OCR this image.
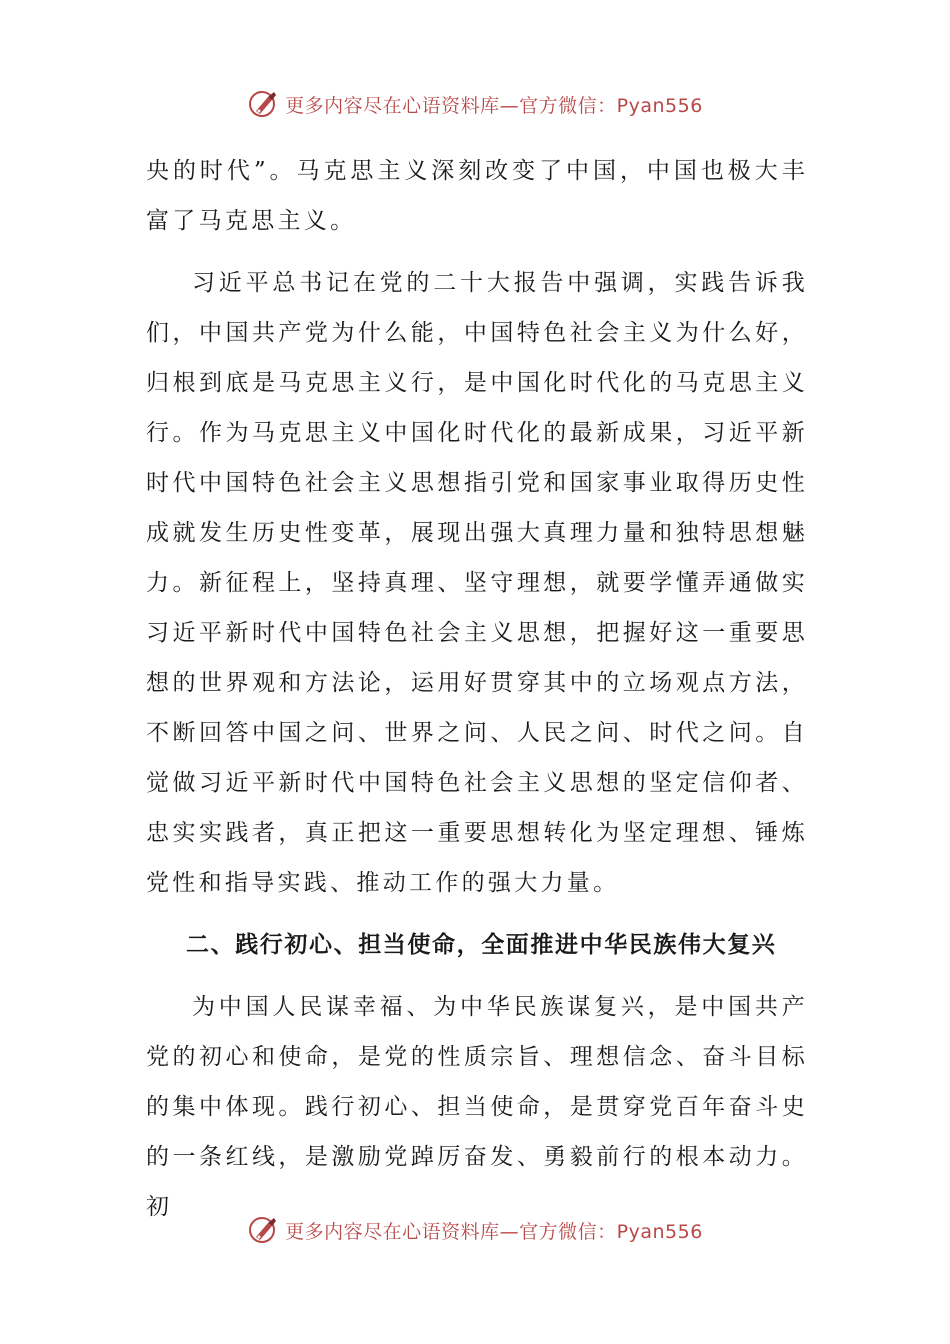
更多内容尽在心语资料库—官方微信：Pyan556

央的时代”。马克思主义深刻改变了中国，中国也极大丰富了马克思主义。

习近平总书记在党的二十大报告中强调，实践告诉我们，中国共产党为什么能，中国特色社会主义为什么好，归根到底是马克思主义行，是中国化时代化的马克思主义行。作为马克思主义中国化时代化的最新成果，习近平新时代中国特色社会主义思想指引党和国家事业取得历史性成就发生历史性变革，展现出强大真理力量和独特思想魅力。新征程上，坚持真理、坚守理想，就要学懂弄通做实习近平新时代中国特色社会主义思想，把握好这一重要思想的世界观和方法论，运用好贯穿其中的立场观点方法，不断回答中国之问、世界之问、人民之问、时代之问。自觉做习近平新时代中国特色社会主义思想的坚定信仰者、忠实实践者，真正把这一重要思想转化为坚定理想、锤炼党性和指导实践、推动工作的强大力量。

二、践行初心、担当使命，全面推进中华民族伟大复兴

为中国人民谋幸福、为中华民族谋复兴，是中国共产党的初心和使命，是党的性质宗旨、理想信念、奋斗目标的集中体现。践行初心、担当使命，是贯穿党百年奋斗史的一条红线，是激励党踔厉奋发、勇毅前行的根本动力。初

更多内容尽在心语资料库—官方微信：Pyan556
